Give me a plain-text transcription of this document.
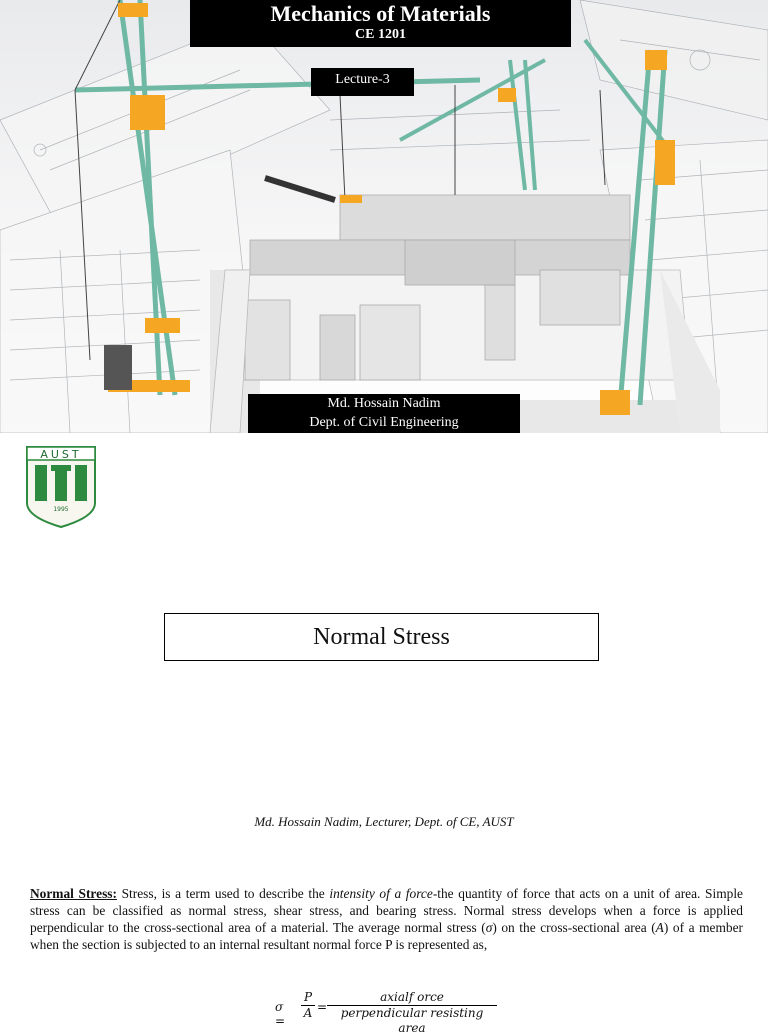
Mechanics of Materials
CE 1201
Lecture-3
Md. Hossain Nadim
Dept. of Civil Engineering
AUST
1995
Normal Stress
Md. Hossain Nadim, Lecturer, Dept. of CE, AUST
Normal Stress: Stress, is a term used to describe the intensity of a force-the quantity of force that acts on a unit of area. Simple stress can be classified as normal stress, shear stress, and bearing stress. Normal stress develops when a force is applied perpendicular to the cross-sectional area of a material. The average normal stress (σ) on the cross-sectional area (A) of a member when the section is subjected to an internal resultant normal force P is represented as,
σ =
P
A =
axialf orce
perpendicular resisting area
